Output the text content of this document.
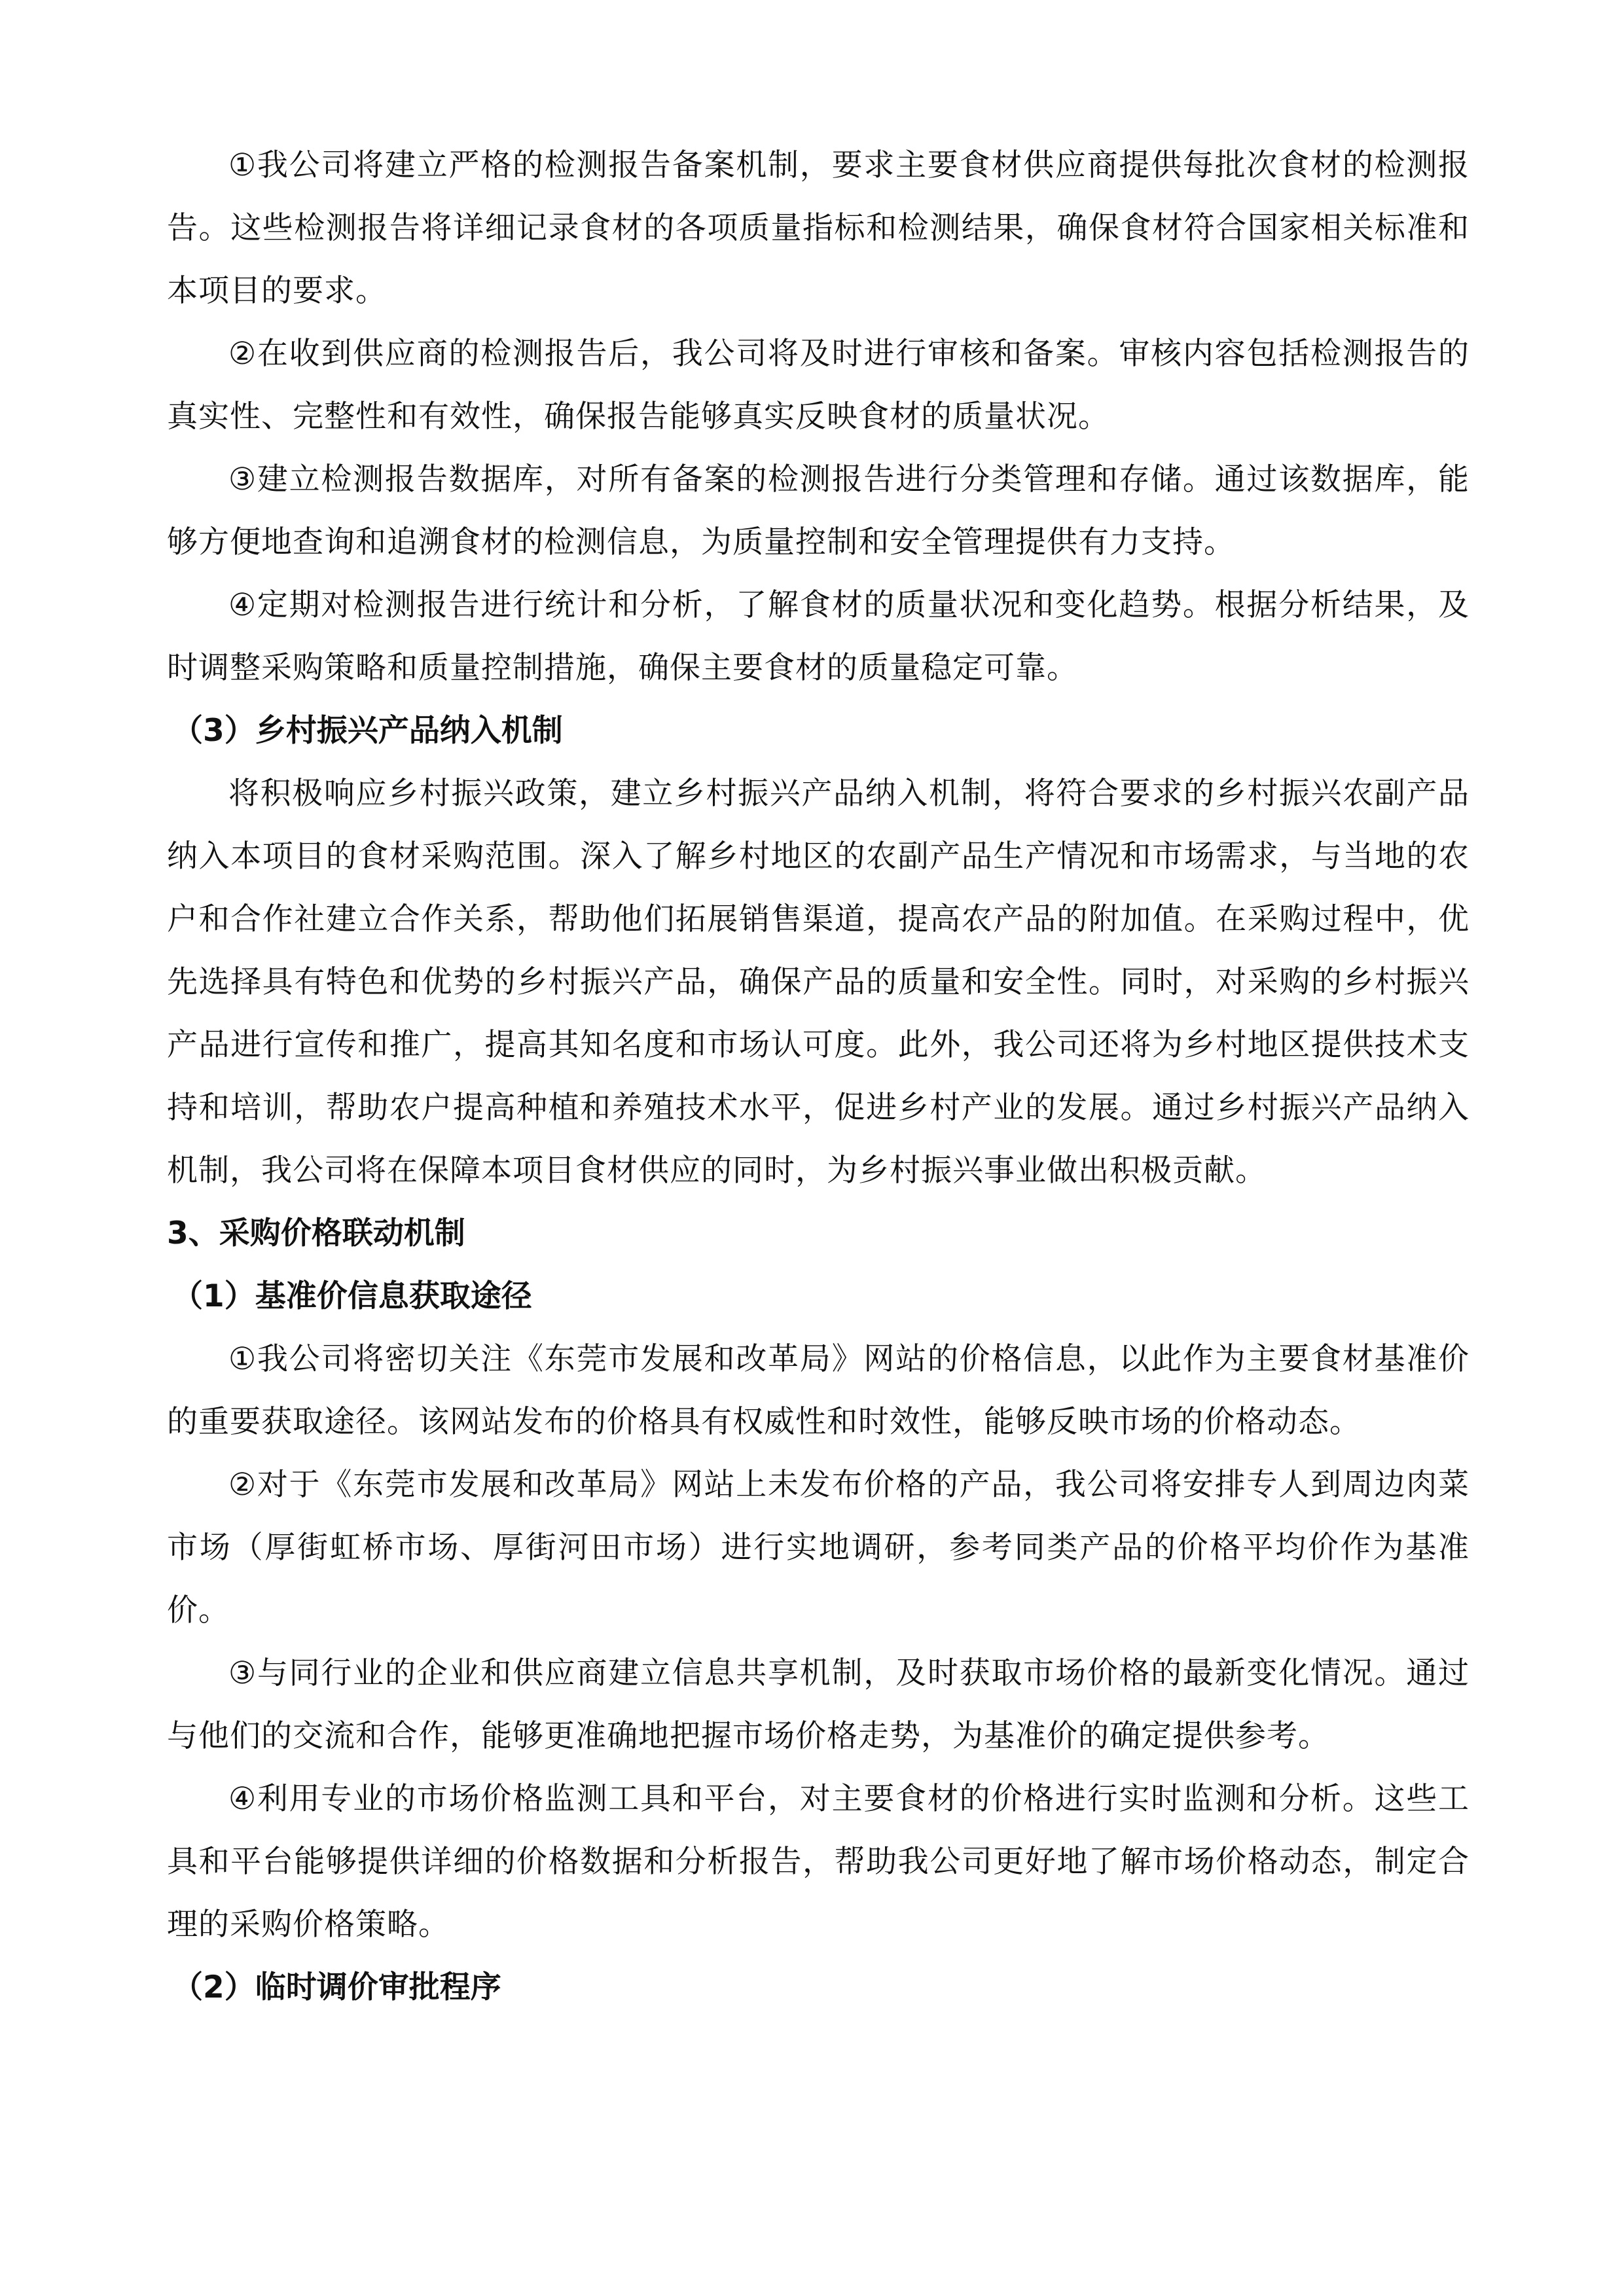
①我公司将建立严格的检测报告备案机制，要求主要食材供应商提供每批次食材的检测报告。这些检测报告将详细记录食材的各项质量指标和检测结果，确保食材符合国家相关标准和本项目的要求。

②在收到供应商的检测报告后，我公司将及时进行审核和备案。审核内容包括检测报告的真实性、完整性和有效性，确保报告能够真实反映食材的质量状况。

③建立检测报告数据库，对所有备案的检测报告进行分类管理和存储。通过该数据库，能够方便地查询和追溯食材的检测信息，为质量控制和安全管理提供有力支持。

④定期对检测报告进行统计和分析，了解食材的质量状况和变化趋势。根据分析结果，及时调整采购策略和质量控制措施，确保主要食材的质量稳定可靠。

（3）乡村振兴产品纳入机制

将积极响应乡村振兴政策，建立乡村振兴产品纳入机制，将符合要求的乡村振兴农副产品纳入本项目的食材采购范围。深入了解乡村地区的农副产品生产情况和市场需求，与当地的农户和合作社建立合作关系，帮助他们拓展销售渠道，提高农产品的附加值。在采购过程中，优先选择具有特色和优势的乡村振兴产品，确保产品的质量和安全性。同时，对采购的乡村振兴产品进行宣传和推广，提高其知名度和市场认可度。此外，我公司还将为乡村地区提供技术支持和培训，帮助农户提高种植和养殖技术水平，促进乡村产业的发展。通过乡村振兴产品纳入机制，我公司将在保障本项目食材供应的同时，为乡村振兴事业做出积极贡献。

3、采购价格联动机制

（1）基准价信息获取途径

①我公司将密切关注《东莞市发展和改革局》网站的价格信息，以此作为主要食材基准价的重要获取途径。该网站发布的价格具有权威性和时效性，能够反映市场的价格动态。

②对于《东莞市发展和改革局》网站上未发布价格的产品，我公司将安排专人到周边肉菜市场（厚街虹桥市场、厚街河田市场）进行实地调研，参考同类产品的价格平均价作为基准价。

③与同行业的企业和供应商建立信息共享机制，及时获取市场价格的最新变化情况。通过与他们的交流和合作，能够更准确地把握市场价格走势，为基准价的确定提供参考。

④利用专业的市场价格监测工具和平台，对主要食材的价格进行实时监测和分析。这些工具和平台能够提供详细的价格数据和分析报告，帮助我公司更好地了解市场价格动态，制定合理的采购价格策略。

（2）临时调价审批程序
